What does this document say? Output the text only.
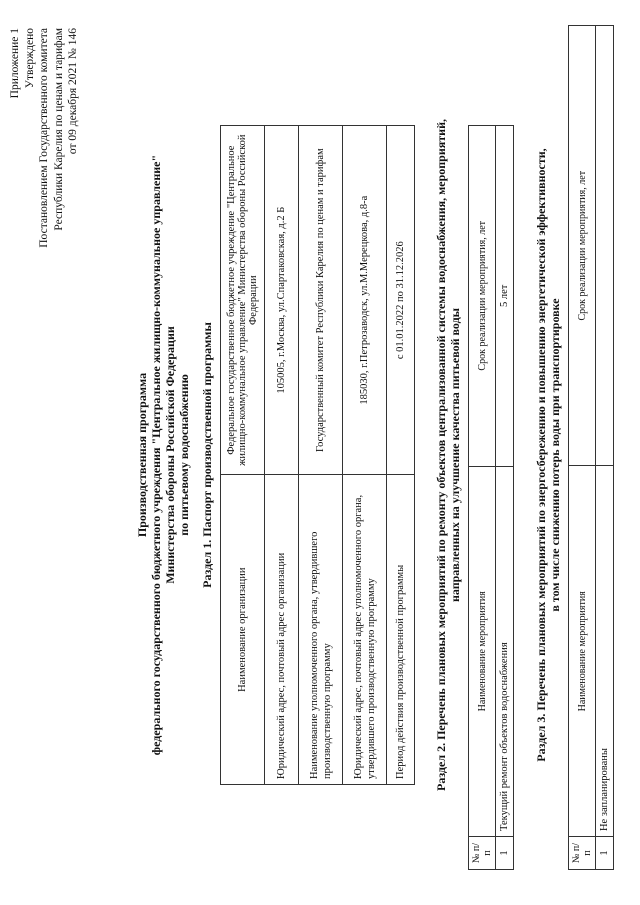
Приложение 1 Утверждено Постановлением Государственного комитета Республики Карелия по ценам и тарифам от 09 декабря 2021 № 146
Производственная программа федерального государственного бюджетного учреждения "Центральное жилищно-коммунальное управление" Министерства обороны Российской Федерации по питьевому водоснабжению Раздел 1. Паспорт производственной программы
Наименование организации	Федеральное государственное бюджетное учреждение "Центральное жилищно-коммунальное управление" Министерства обороны Российской Федерации
Юридический адрес, почтовый адрес организации	105005, г.Москва, ул.Спартаковская, д.2 Б
Наименование уполномоченного органа, утвердившего производственную программу	Государственный комитет Республики Карелия по ценам и тарифам
Юридический адрес, почтовый адрес уполномоченного органа, утвердившего производственную программу	185030, г.Петрозаводск, ул.М.Мерецкова, д.8-а
Период действия производственной программы	с 01.01.2022 по 31.12.2026 Раздел 2. Перечень плановых мероприятий по ремонту объектов централизованной системы водоснабжения, мероприятий, направленных на улучшение качества питьевой воды
№ п/п	Наименование мероприятия	Срок реализации мероприятия, лет
1	Текущий ремонт объектов водоснабжения	5 лет Раздел 3. Перечень плановых мероприятий по энергосбережению и повышению энергетической эффективности, в том числе снижению потерь воды при транспортировке
№ п/п	Наименование мероприятия	Срок реализации мероприятия, лет
1	Не запланированы	
